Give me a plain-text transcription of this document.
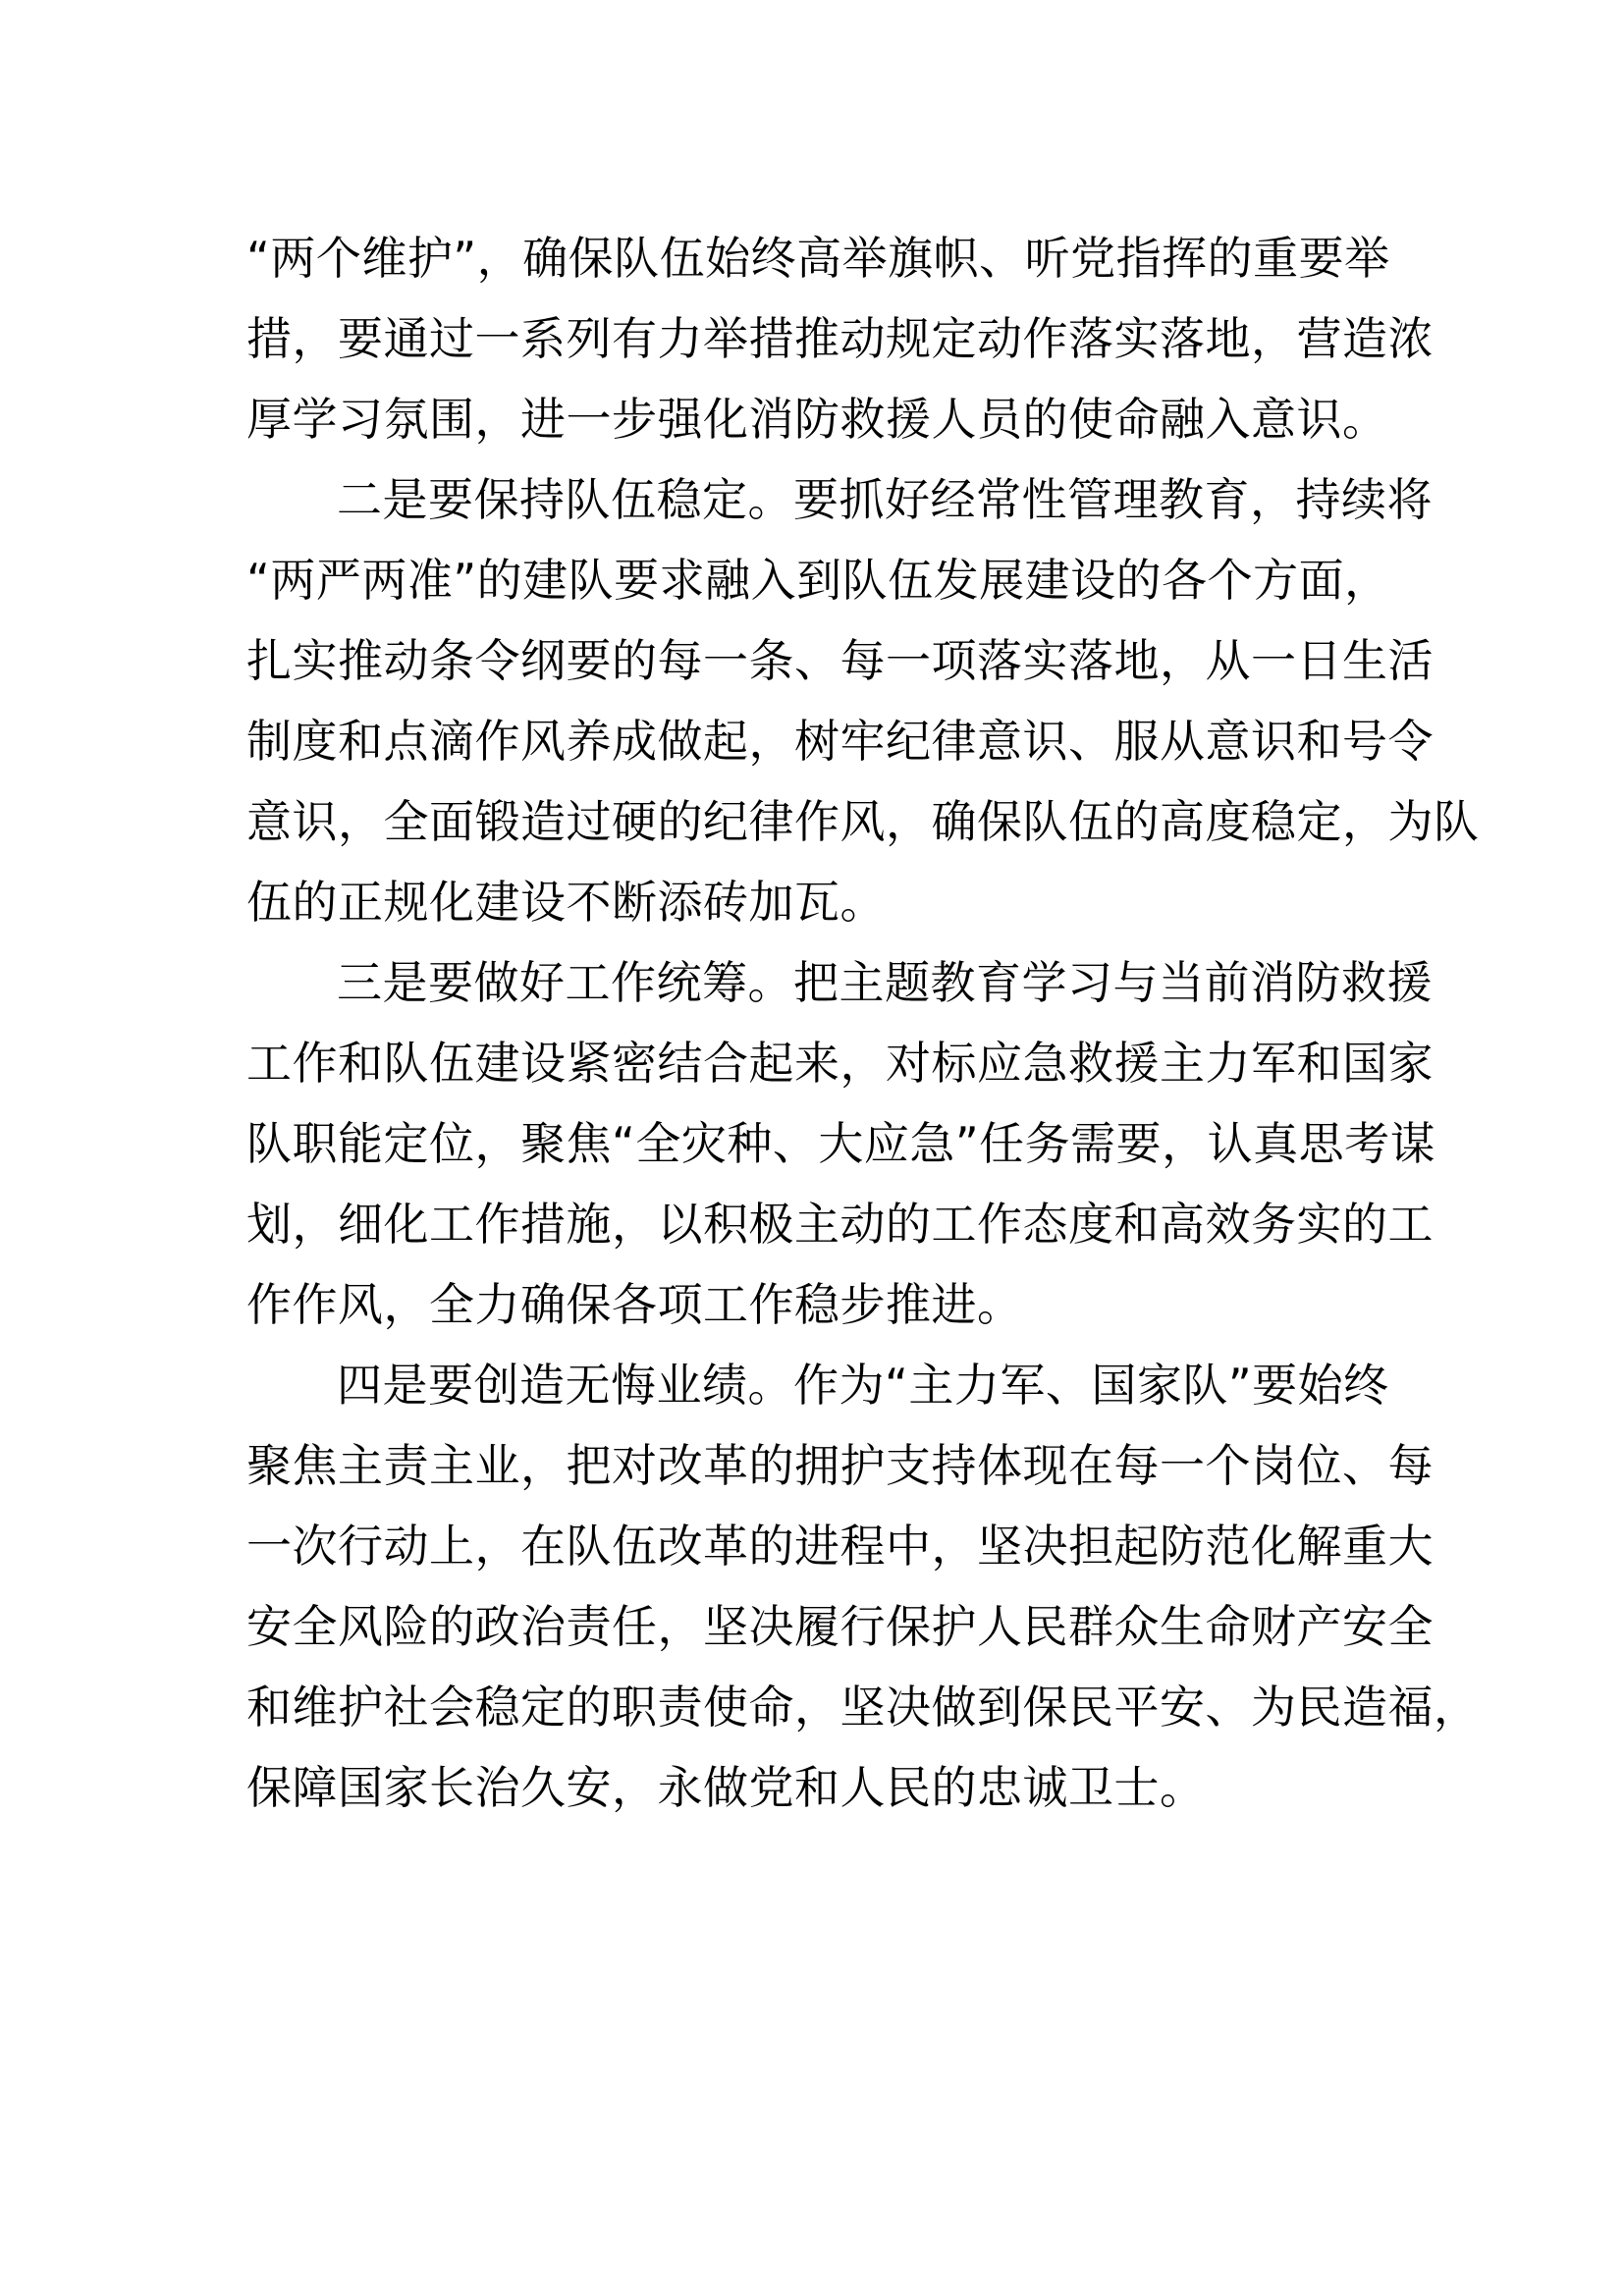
“两个维护”，确保队伍始终高举旗帜、听党指挥的重要举
措，要通过一系列有力举措推动规定动作落实落地，营造浓
厚学习氛围，进一步强化消防救援人员的使命融入意识。
二是要保持队伍稳定。要抓好经常性管理教育，持续将
“两严两准”的建队要求融入到队伍发展建设的各个方面，
扎实推动条令纲要的每一条、每一项落实落地，从一日生活
制度和点滴作风养成做起，树牢纪律意识、服从意识和号令
意识，全面锻造过硬的纪律作风，确保队伍的高度稳定，为队
伍的正规化建设不断添砖加瓦。
三是要做好工作统筹。把主题教育学习与当前消防救援
工作和队伍建设紧密结合起来，对标应急救援主力军和国家
队职能定位，聚焦“全灾种、大应急”任务需要，认真思考谋
划，细化工作措施，以积极主动的工作态度和高效务实的工
作作风，全力确保各项工作稳步推进。
四是要创造无悔业绩。作为“主力军、国家队”要始终
聚焦主责主业，把对改革的拥护支持体现在每一个岗位、每
一次行动上，在队伍改革的进程中，坚决担起防范化解重大
安全风险的政治责任，坚决履行保护人民群众生命财产安全
和维护社会稳定的职责使命，坚决做到保民平安、为民造福，
保障国家长治久安，永做党和人民的忠诚卫士。
